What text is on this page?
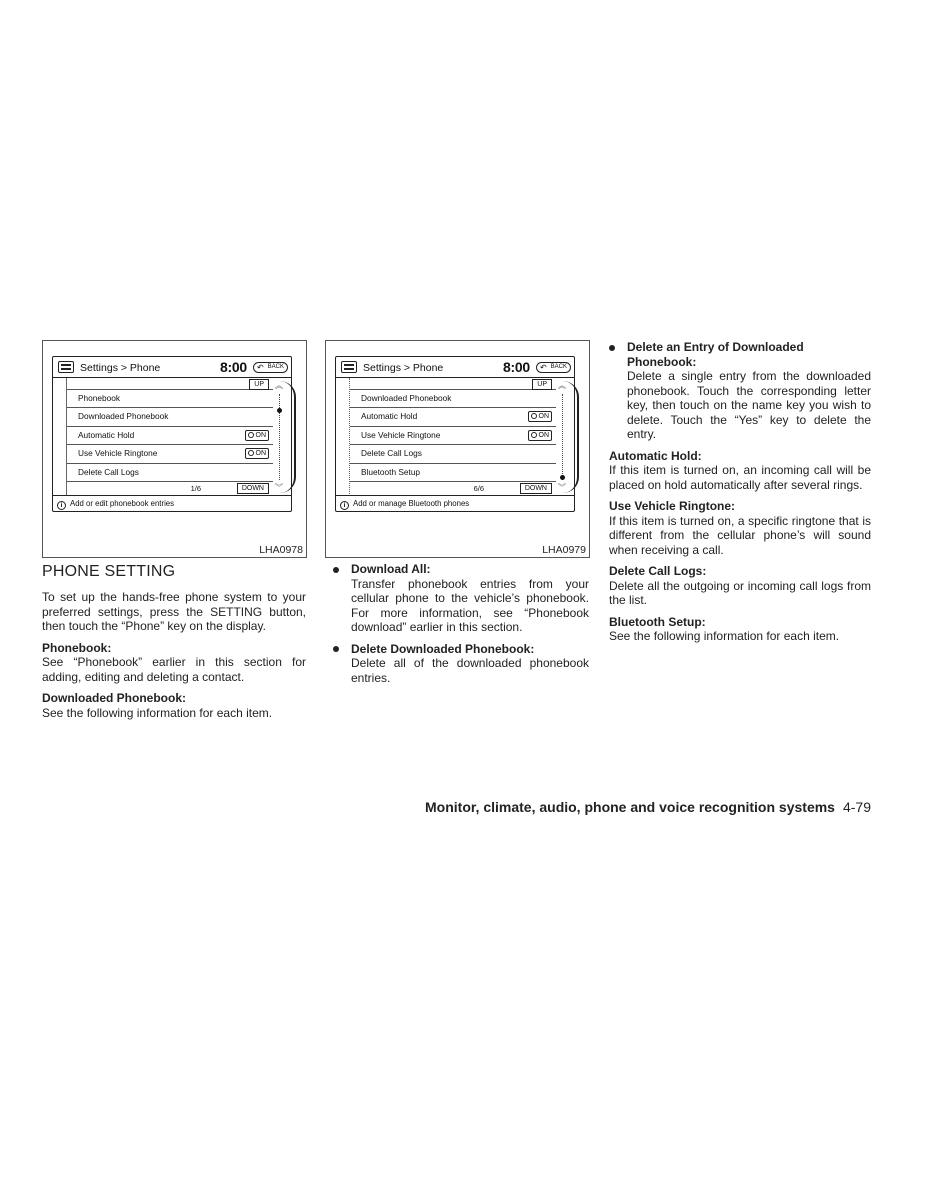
Settings > Phone	8:00 ↶ BACK
UP
Phonebook
Downloaded Phonebook
Automatic Hold	ON
Use Vehicle Ringtone	ON
Delete Call Logs
1/6	DOWN
︽
︾
i Add or edit phonebook entries
LHA0978
Settings > Phone	8:00 ↶ BACK
UP
Downloaded Phonebook
Automatic Hold	ON
Use Vehicle Ringtone	ON
Delete Call Logs
Bluetooth Setup
6/6	DOWN
︽
︾
i Add or manage Bluetooth phones
LHA0979
PHONE SETTING

To set up the hands-free phone system to your preferred settings, press the SETTING button, then touch the “Phone” key on the display.

Phonebook:

See “Phonebook” earlier in this section for adding, editing and deleting a contact.

Downloaded Phonebook:

See the following information for each item.

Download All:

Transfer phonebook entries from your cellular phone to the vehicle’s phonebook. For more information, see “Phonebook download” earlier in this section.

Delete Downloaded Phonebook:

Delete all of the downloaded phonebook entries.

Delete an Entry of Downloaded Phonebook:

Delete a single entry from the downloaded phonebook. Touch the corresponding letter key, then touch on the name key you wish to delete. Touch the “Yes” key to delete the entry.

Automatic Hold:

If this item is turned on, an incoming call will be placed on hold automatically after several rings.

Use Vehicle Ringtone:

If this item is turned on, a specific ringtone that is different from the cellular phone’s will sound when receiving a call.

Delete Call Logs:

Delete all the outgoing or incoming call logs from the list.

Bluetooth Setup:

See the following information for each item.

Monitor, climate, audio, phone and voice recognition systems 4-79
